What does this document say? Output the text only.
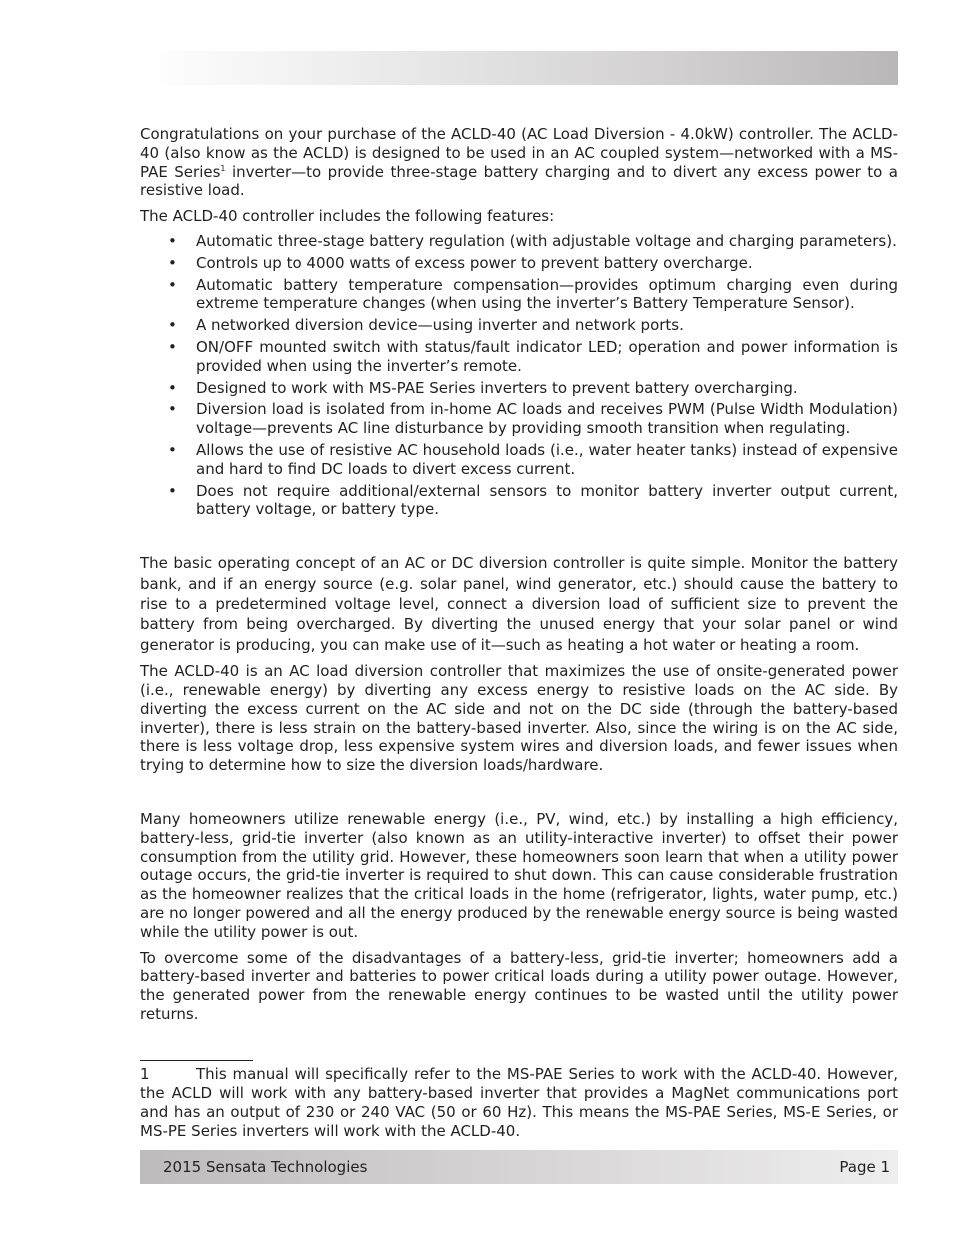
Congratulations on your purchase of the ACLD-40 (AC Load Diversion - 4.0kW) controller. The ACLD-40 (also know as the ACLD) is designed to be used in an AC coupled system—networked with a MS-PAE Series$^1$ inverter—to provide three-stage battery charging and to divert any excess power to a resistive load.

The ACLD-40 controller includes the following features:

• Automatic three-stage battery regulation (with adjustable voltage and charging parameters).
• Controls up to 4000 watts of excess power to prevent battery overcharge.
• Automatic battery temperature compensation—provides optimum charging even during extreme temperature changes (when using the inverter’s Battery Temperature Sensor).
• A networked diversion device—using inverter and network ports.
• ON/OFF mounted switch with status/fault indicator LED; operation and power information is provided when using the inverter’s remote.
• Designed to work with MS-PAE Series inverters to prevent battery overcharging.
• Diversion load is isolated from in-home AC loads and receives PWM (Pulse Width Modulation) voltage—prevents AC line disturbance by providing smooth transition when regulating.
• Allows the use of resistive AC household loads (i.e., water heater tanks) instead of expensive and hard to find DC loads to divert excess current.
• Does not require additional/external sensors to monitor battery inverter output current, battery voltage, or battery type.

The basic operating concept of an AC or DC diversion controller is quite simple. Monitor the battery bank, and if an energy source (e.g. solar panel, wind generator, etc.) should cause the battery to rise to a predetermined voltage level, connect a diversion load of sufficient size to prevent the battery from being overcharged. By diverting the unused energy that your solar panel or wind generator is producing, you can make use of it—such as heating a hot water or heating a room.

The ACLD-40 is an AC load diversion controller that maximizes the use of onsite-generated power (i.e., renewable energy) by diverting any excess energy to resistive loads on the AC side. By diverting the excess current on the AC side and not on the DC side (through the battery-based inverter), there is less strain on the battery-based inverter. Also, since the wiring is on the AC side, there is less voltage drop, less expensive system wires and diversion loads, and fewer issues when trying to determine how to size the diversion loads/hardware.

Many homeowners utilize renewable energy (i.e., PV, wind, etc.) by installing a high efficiency, battery-less, grid-tie inverter (also known as an utility-interactive inverter) to offset their power consumption from the utility grid. However, these homeowners soon learn that when a utility power outage occurs, the grid-tie inverter is required to shut down. This can cause considerable frustration as the homeowner realizes that the critical loads in the home (refrigerator, lights, water pump, etc.) are no longer powered and all the energy produced by the renewable energy source is being wasted while the utility power is out.

To overcome some of the disadvantages of a battery-less, grid-tie inverter; homeowners add a battery-based inverter and batteries to power critical loads during a utility power outage. However, the generated power from the renewable energy continues to be wasted until the utility power returns.

1	This manual will specifically refer to the MS-PAE Series to work with the ACLD-40. However, the ACLD will work with any battery-based inverter that provides a MagNet communications port and has an output of 230 or 240 VAC (50 or 60 Hz). This means the MS-PAE Series, MS-E Series, or MS-PE Series inverters will work with the ACLD-40.
2015 Sensata Technologies	Page 1
